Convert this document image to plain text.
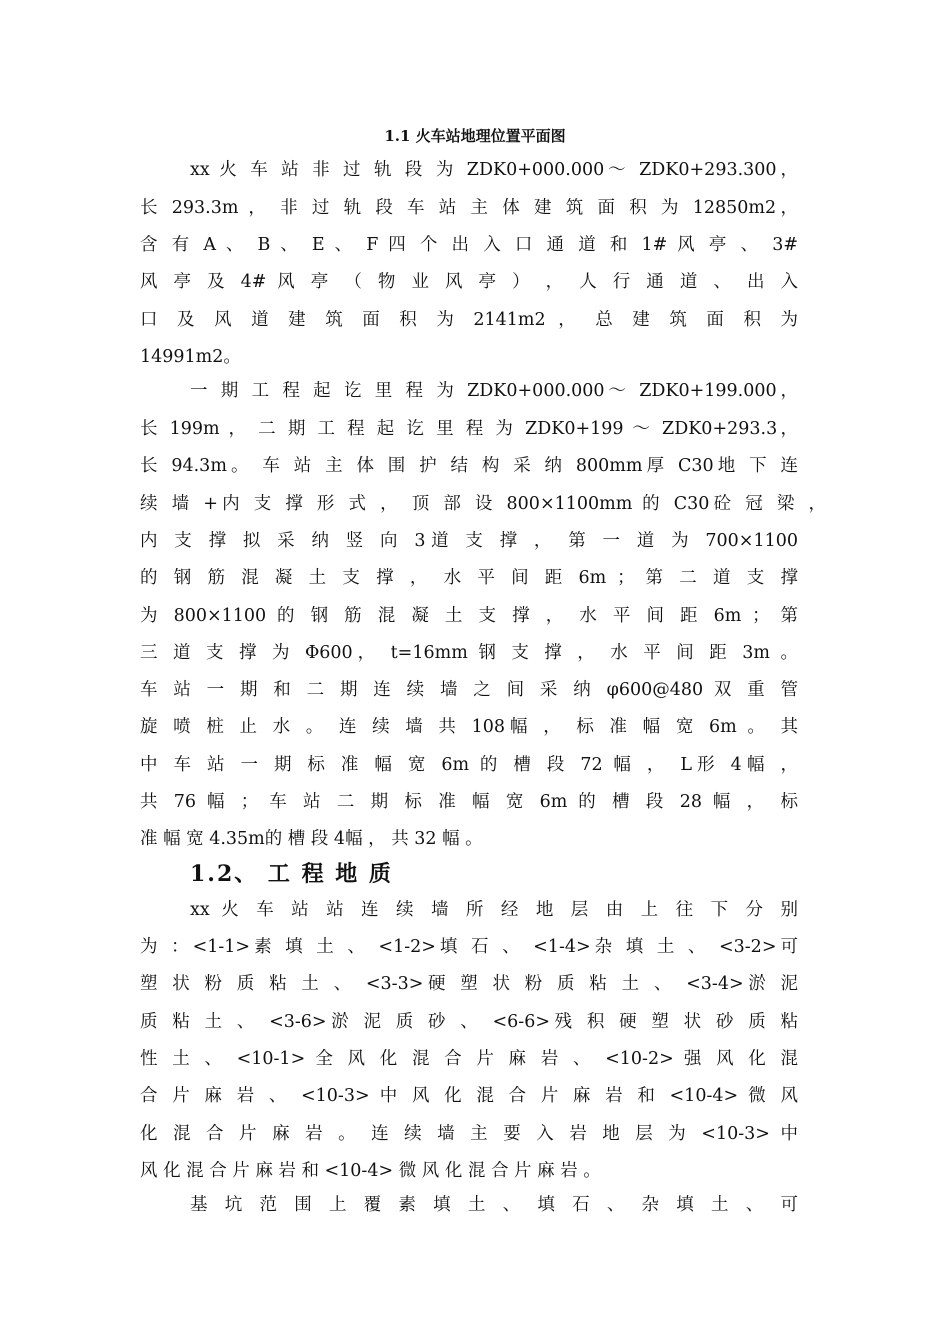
1.1 火车站地理位置平面图
xx 火 车 站 非 过 轨 段 为 ZDK0+000.000～ ZDK0+293.300，
长 293.3m ， 非 过 轨 段 车 站 主 体 建 筑 面 积 为 12850m2，
含 有 A 、 B 、 E 、 F 四 个 出 入 口 通 道 和 1# 风 亭 、 3#
风 亭 及 4# 风 亭 （ 物 业 风 亭 ） ， 人 行 通 道 、 出 入
口 及 风 道 建 筑 面 积 为 2141m2 ， 总 建 筑 面 积 为
14991m2。
一 期 工 程 起 讫 里 程 为 ZDK0+000.000～ ZDK0+199.000，
长 199m ， 二 期 工 程 起 讫 里 程 为 ZDK0+199 ～ ZDK0+293.3，
长 94.3m。 车 站 主 体 围 护 结 构 采 纳 800mm厚 C30地 下 连
续 墙 +内 支 撑 形 式 ， 顶 部 设 800×1100mm 的 C30砼 冠 梁 ，
内 支 撑 拟 采 纳 竖 向 3道 支 撑 ， 第 一 道 为 700×1100
的 钢 筋 混 凝 土 支 撑 ， 水 平 间 距 6m ； 第 二 道 支 撑
为 800×1100 的 钢 筋 混 凝 土 支 撑 ， 水 平 间 距 6m ； 第
三 道 支 撑 为 Φ600， t=16mm 钢 支 撑 ， 水 平 间 距 3m 。
车 站 一 期 和 二 期 连 续 墙 之 间 采 纳 φ600@480 双 重 管
旋 喷 桩 止 水 。 连 续 墙 共 108幅 ， 标 准 幅 宽 6m 。 其
中 车 站 一 期 标 准 幅 宽 6m 的 槽 段 72 幅 ， L形 4幅 ，
共 76 幅 ； 车 站 二 期 标 准 幅 宽 6m 的 槽 段 28 幅 ， 标
准 幅 宽 4.35m的 槽 段 4幅 ， 共 32 幅 。
1.2、 工 程 地 质
xx 火 车 站 站 连 续 墙 所 经 地 层 由 上 往 下 分 别
为 ：<1-1>素 填 土 、 <1-2>填 石 、 <1-4>杂 填 土 、 <3-2>可
塑 状 粉 质 粘 土 、 <3-3>硬 塑 状 粉 质 粘 土 、 <3-4>淤 泥
质 粘 土 、 <3-6>淤 泥 质 砂 、 <6-6>残 积 硬 塑 状 砂 质 粘
性 土 、 <10-1> 全 风 化 混 合 片 麻 岩 、 <10-2> 强 风 化 混
合 片 麻 岩 、 <10-3> 中 风 化 混 合 片 麻 岩 和 <10-4> 微 风
化 混 合 片 麻 岩 。 连 续 墙 主 要 入 岩 地 层 为 <10-3> 中
风 化 混 合 片 麻 岩 和 <10-4> 微 风 化 混 合 片 麻 岩 。
基 坑 范 围 上 覆 素 填 土 、 填 石 、 杂 填 土 、 可
